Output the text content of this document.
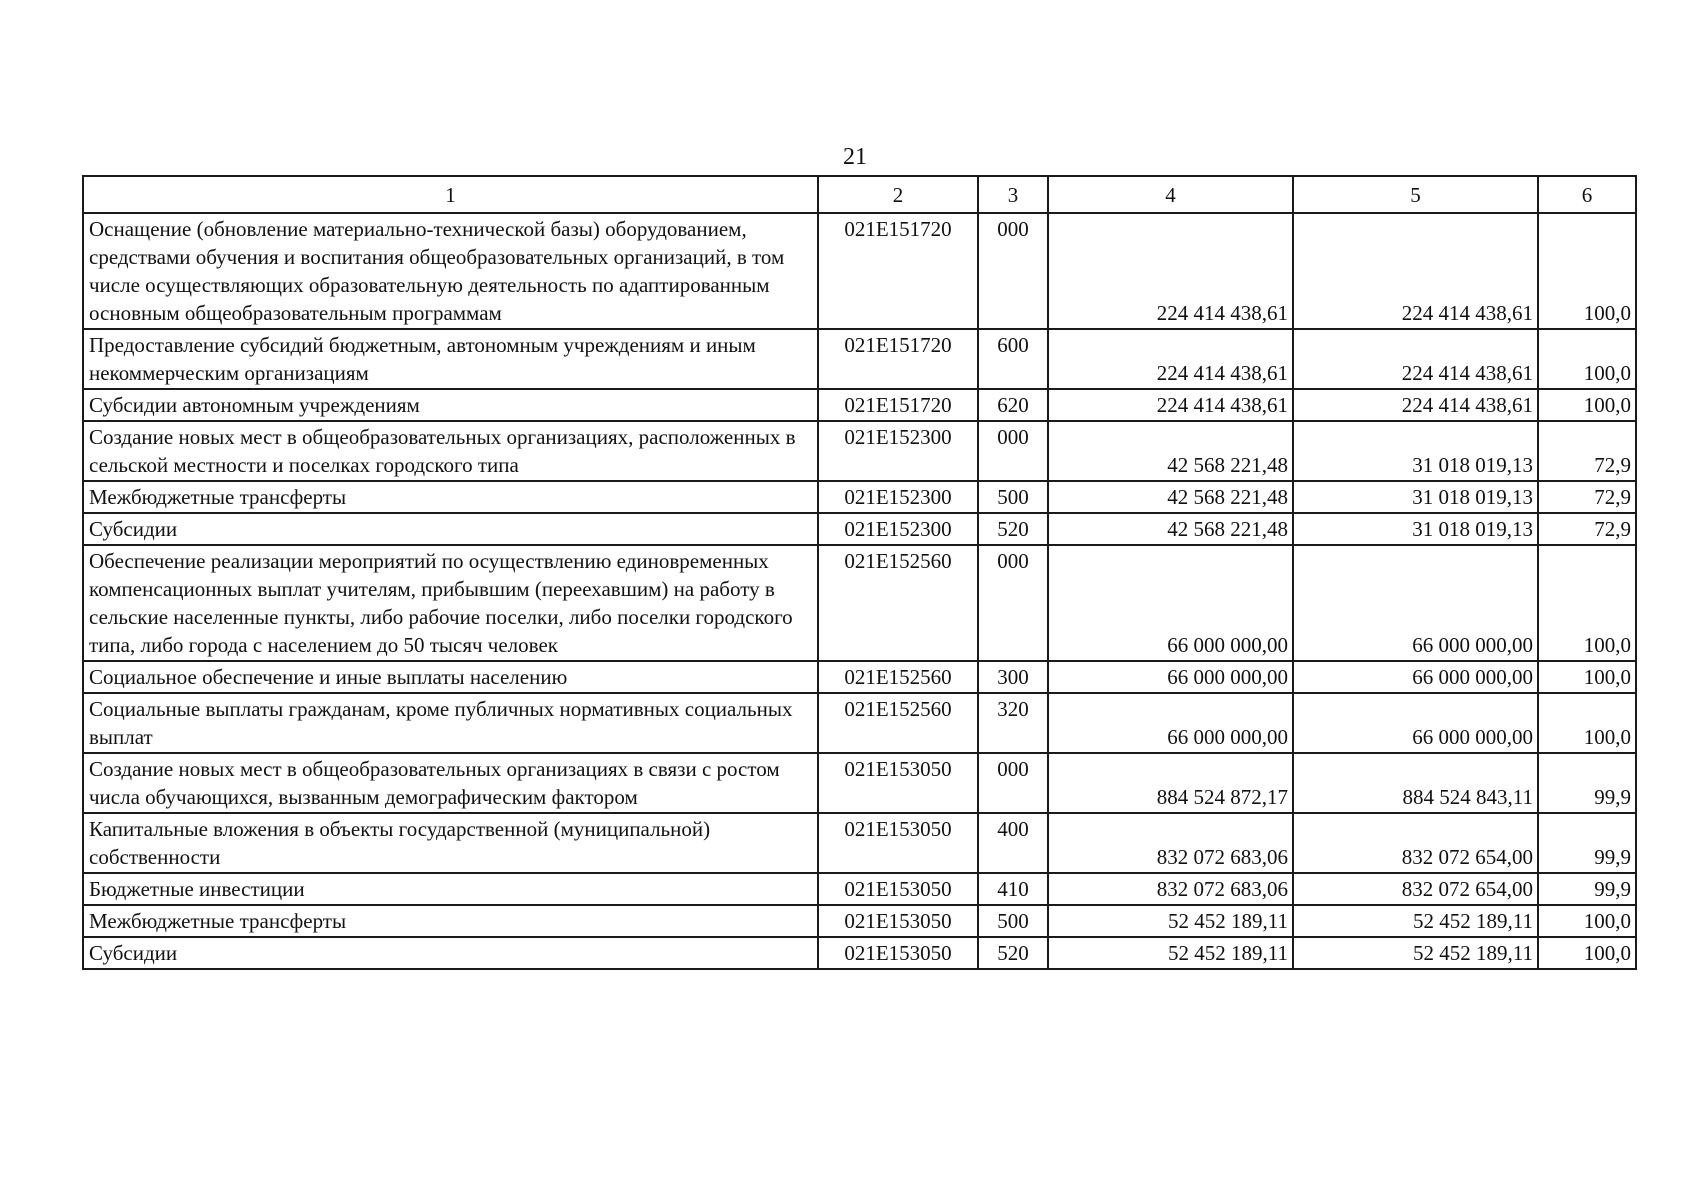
21
1	2	3	4	5	6
Оснащение (обновление материально-технической базы) оборудованием, средствами обучения и воспитания общеобразовательных организаций, в том числе осуществляющих образовательную деятельность по адаптированным основным общеобразовательным программам	021E151720	000	224 414 438,61	224 414 438,61	100,0
Предоставление субсидий бюджетным, автономным учреждениям и иным некоммерческим организациям	021E151720	600	224 414 438,61	224 414 438,61	100,0
Субсидии автономным учреждениям	021E151720	620	224 414 438,61	224 414 438,61	100,0
Создание новых мест в общеобразовательных организациях, расположенных в сельской местности и поселках городского типа	021E152300	000	42 568 221,48	31 018 019,13	72,9
Межбюджетные трансферты	021E152300	500	42 568 221,48	31 018 019,13	72,9
Субсидии	021E152300	520	42 568 221,48	31 018 019,13	72,9
Обеспечение реализации мероприятий по осуществлению единовременных компенсационных выплат учителям, прибывшим (переехавшим) на работу в сельские населенные пункты, либо рабочие поселки, либо поселки городского типа, либо города с населением до 50 тысяч человек	021E152560	000	66 000 000,00	66 000 000,00	100,0
Социальное обеспечение и иные выплаты населению	021E152560	300	66 000 000,00	66 000 000,00	100,0
Социальные выплаты гражданам, кроме публичных нормативных социальных выплат	021E152560	320	66 000 000,00	66 000 000,00	100,0
Создание новых мест в общеобразовательных организациях в связи с ростом числа обучающихся, вызванным демографическим фактором	021E153050	000	884 524 872,17	884 524 843,11	99,9
Капитальные вложения в объекты государственной (муниципальной) собственности	021E153050	400	832 072 683,06	832 072 654,00	99,9
Бюджетные инвестиции	021E153050	410	832 072 683,06	832 072 654,00	99,9
Межбюджетные трансферты	021E153050	500	52 452 189,11	52 452 189,11	100,0
Субсидии	021E153050	520	52 452 189,11	52 452 189,11	100,0
